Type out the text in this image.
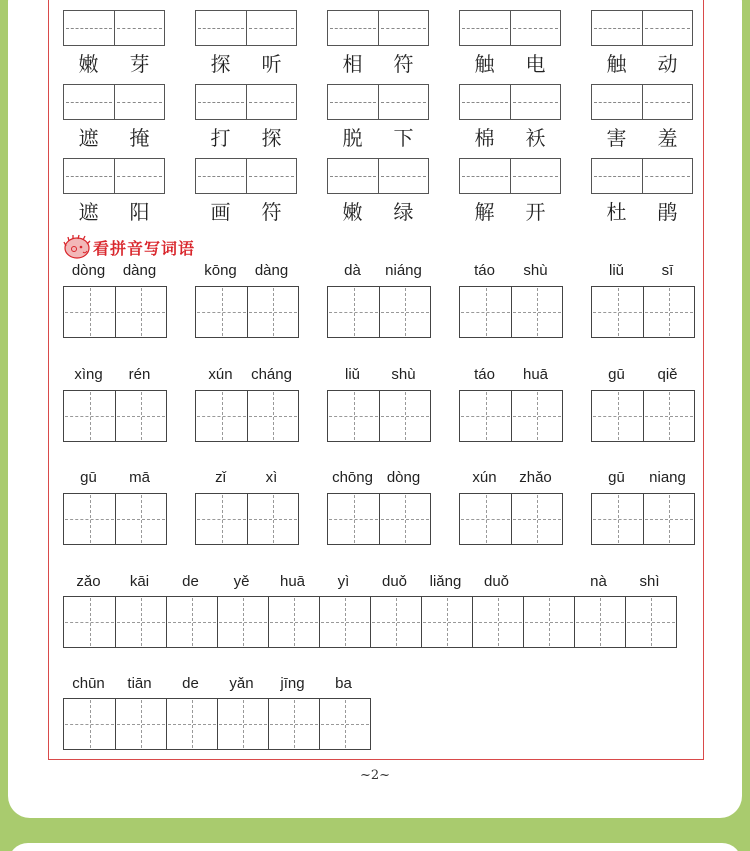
嫩	芽	探	听	相	符	触	电	触	动
遮	掩	打	探	脱	下	棉	袄	害	羞
遮	阳	画	符	嫩	绿	解	开	杜	鹃
看拼音写词语
dòng	dàng	kōng	dàng	dà	niáng	táo	shù	liǔ	sī
xìng	rén	xún	cháng	liǔ	shù	táo	huā	gū	qiě
gū	mā	zǐ	xì	chōng dòng	xún	zhǎo	gū	niang
zǎo	kāi	de	yě	huā	yì	duǒ	liǎng	duǒ	nà	shì
chūn	tiān	de	yǎn	jīng	ba
~2~
